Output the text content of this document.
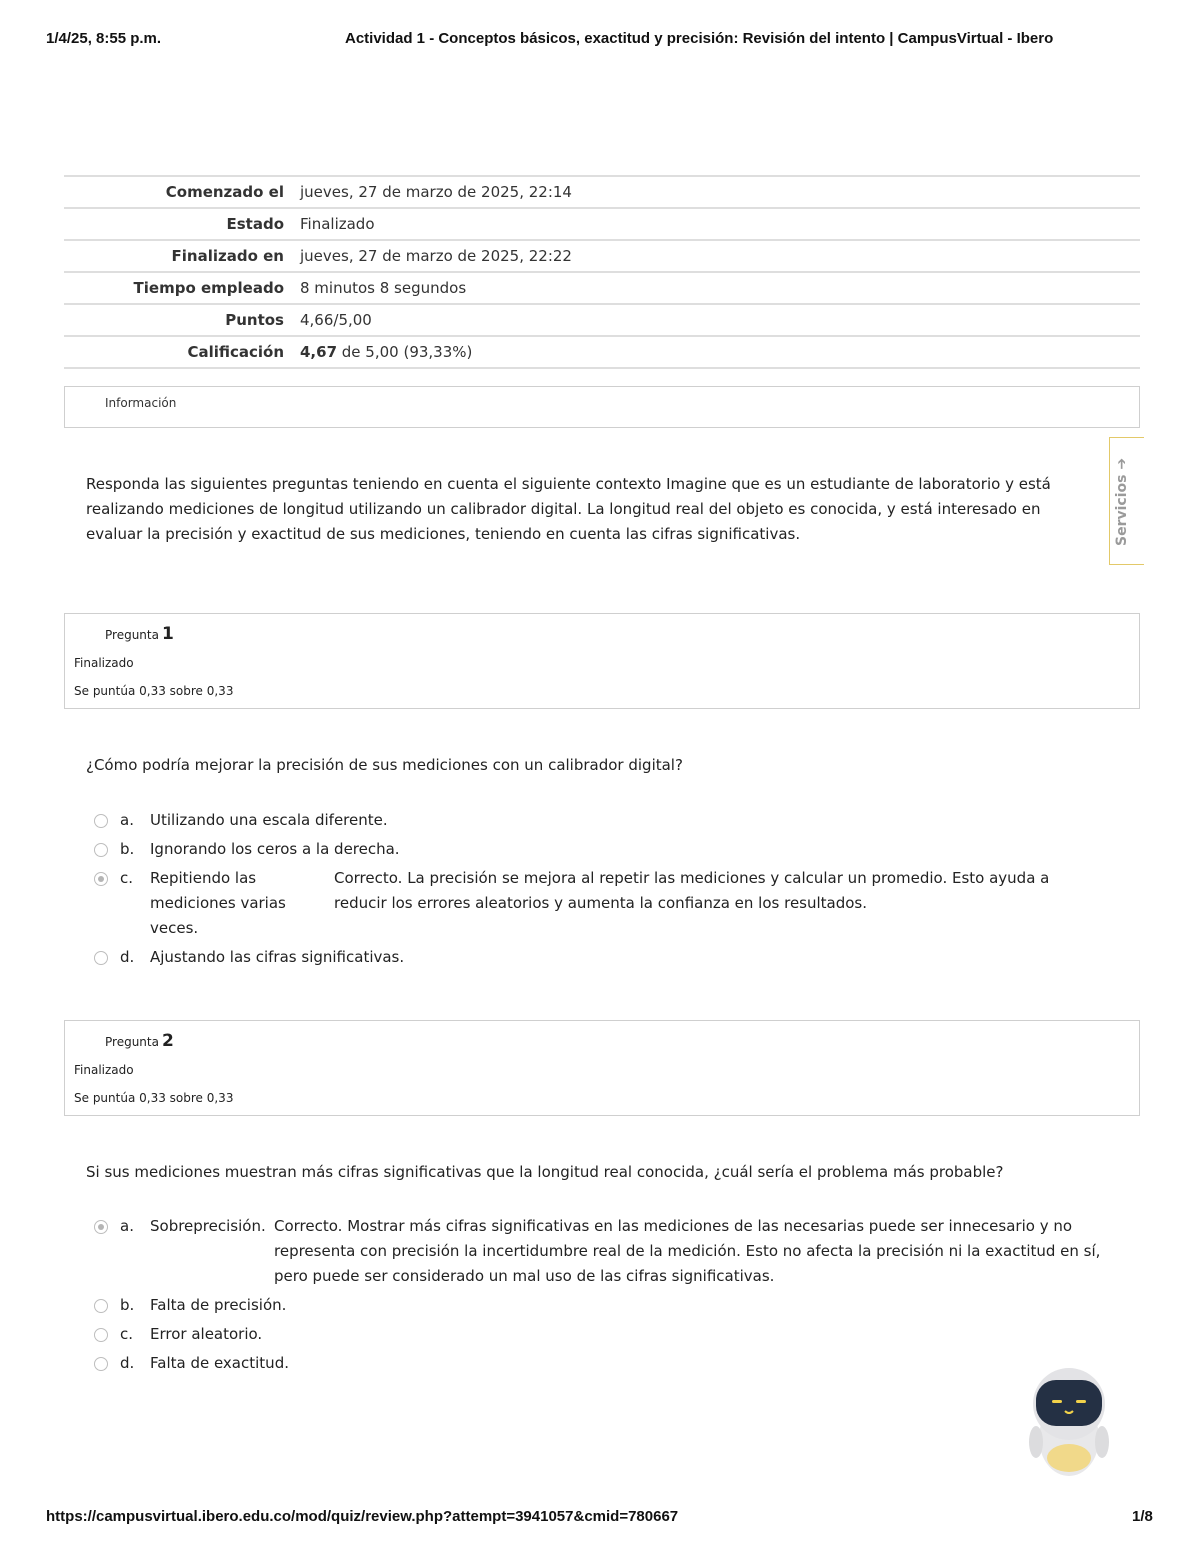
1/4/25, 8:55 p.m.	Actividad 1 - Conceptos básicos, exactitud y precisión: Revisión del intento | CampusVirtual - Ibero
Comenzado el	jueves, 27 de marzo de 2025, 22:14
Estado	Finalizado
Finalizado en	jueves, 27 de marzo de 2025, 22:22
Tiempo empleado	8 minutos 8 segundos
Puntos	4,66/5,00
Calificación	4,67 de 5,00 (93,33%)
Información
Responda las siguientes preguntas teniendo en cuenta el siguiente contexto Imagine que es un estudiante de laboratorio y está realizando mediciones de longitud utilizando un calibrador digital. La longitud real del objeto es conocida, y está interesado en evaluar la precisión y exactitud de sus mediciones, teniendo en cuenta las cifras significativas.	Servicios ➔
Pregunta 1
Finalizado
Se puntúa 0,33 sobre 0,33
¿Cómo podría mejorar la precisión de sus mediciones con un calibrador digital?
a.	Utilizando una escala diferente.
b.	Ignorando los ceros a la derecha.
c.	Repitiendo las mediciones varias veces.
Correcto. La precisión se mejora al repetir las mediciones y calcular un promedio. Esto ayuda a reducir los errores aleatorios y aumenta la confianza en los resultados.
d.	Ajustando las cifras significativas.
Pregunta 2
Finalizado
Se puntúa 0,33 sobre 0,33
Si sus mediciones muestran más cifras significativas que la longitud real conocida, ¿cuál sería el problema más probable?
a.	Sobreprecisión. Correcto. Mostrar más cifras significativas en las mediciones de las necesarias puede ser innecesario y no representa con precisión la incertidumbre real de la medición. Esto no afecta la precisión ni la exactitud en sí, pero puede ser considerado un mal uso de las cifras significativas.
b.	Falta de precisión.
c.	Error aleatorio.
d.	Falta de exactitud.
https://campusvirtual.ibero.edu.co/mod/quiz/review.php?attempt=3941057&cmid=780667	1/8
